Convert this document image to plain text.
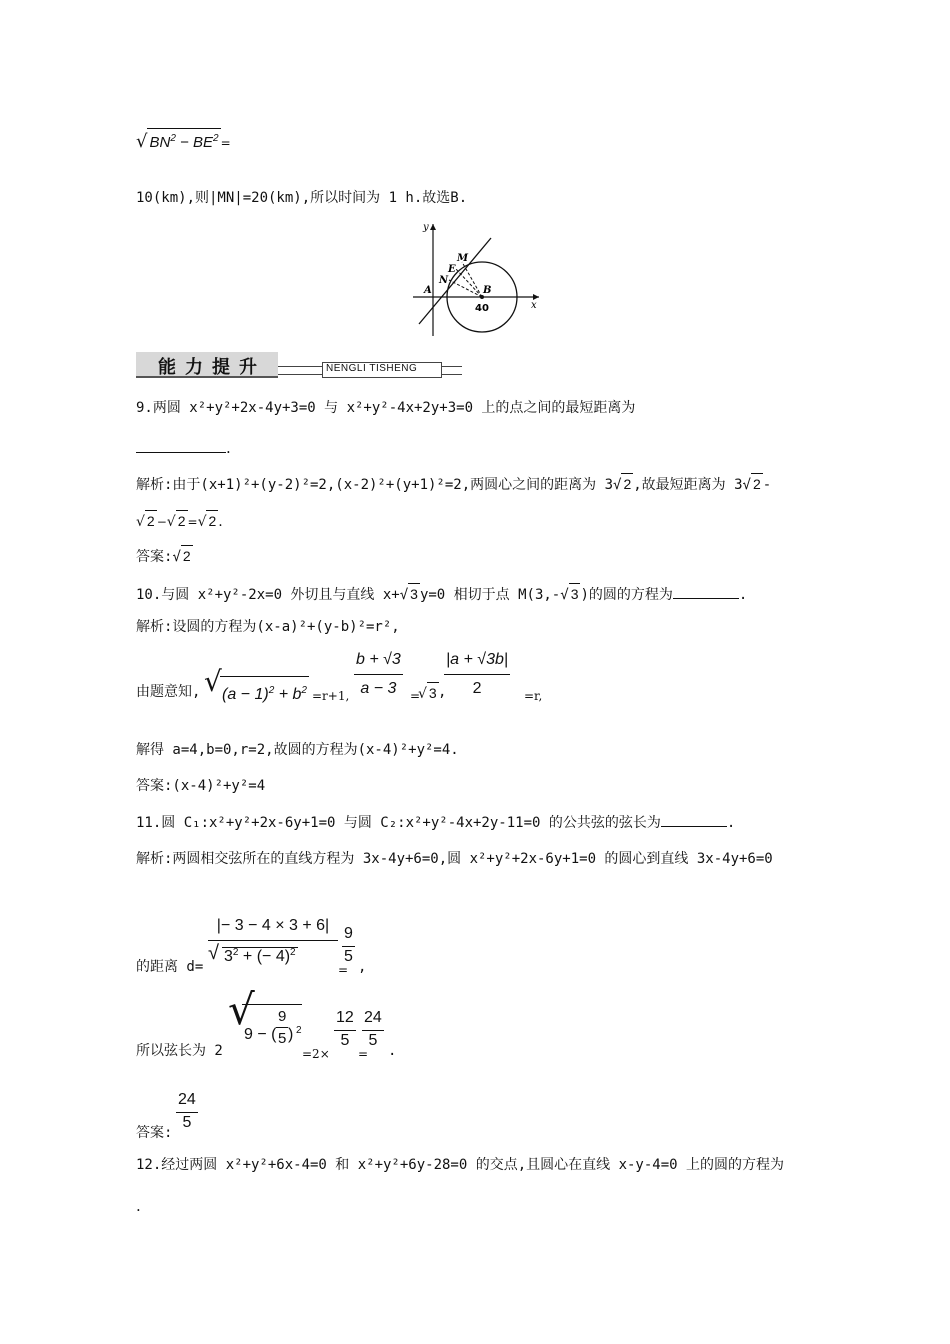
√ $BN^2 - BE^2$ =
10(km),则|MN|=20(km),所以时间为 1 h.故选B.
y
x
M
E
N
A	B
40
能 力 提 升	NENGLI TISHENG
9.两圆 x²+y²+2x-4y+3=0 与 x²+y²-4x+2y+3=0 上的点之间的最短距离为
.
解析:由于(x+1)²+(y-2)²=2,(x-2)²+(y+1)²=2,两圆心之间的距离为 3√ 2 ,故最短距离为 3√ 2 -
√ 2 −√ 2 =√ 2 .
答案:√ 2
10.与圆 x²+y²-2x=0 外切且与直线 x+√ 3 y=0 相切于点 M(3,-√ 3 )的圆的方程为	.
解析:设圆的方程为(x-a)²+(y-b)²=r²,
由题意知, √ $(a - 1)^2 + b^2 =r+1$, $\frac{b + √3}{a - 3}$ =
√ 3 ,
$\frac{|a + √3b|}{2} =r$,
解得 a=4,b=0,r=2,故圆的方程为(x-4)²+y²=4.
答案:(x-4)²+y²=4
11.圆 C₁:x²+y²+2x-6y+1=0 与圆 C₂:x²+y²-4x+2y-11=0 的公共弦的弦长为	.
解析:两圆相交弦所在的直线方程为 3x-4y+6=0,圆 x²+y²+2x-6y+1=0 的圆心到直线 3x-4y+6=0
的距离 $d= \frac{|- 3 - 4 \times 3 + 6|}{√ 3^2 + (- 4)^2} \frac{9}{5}$
= ,
所以弦长为 2
√
9 − (
9
5 ) 2
=2×
$\frac{12}{5}$
=
$\frac{24}{5}$ .
答案: $\frac{24}{5}$
12.经过两圆 x²+y²+6x-4=0 和 x²+y²+6y-28=0 的交点,且圆心在直线 x-y-4=0 上的圆的方程为
.
